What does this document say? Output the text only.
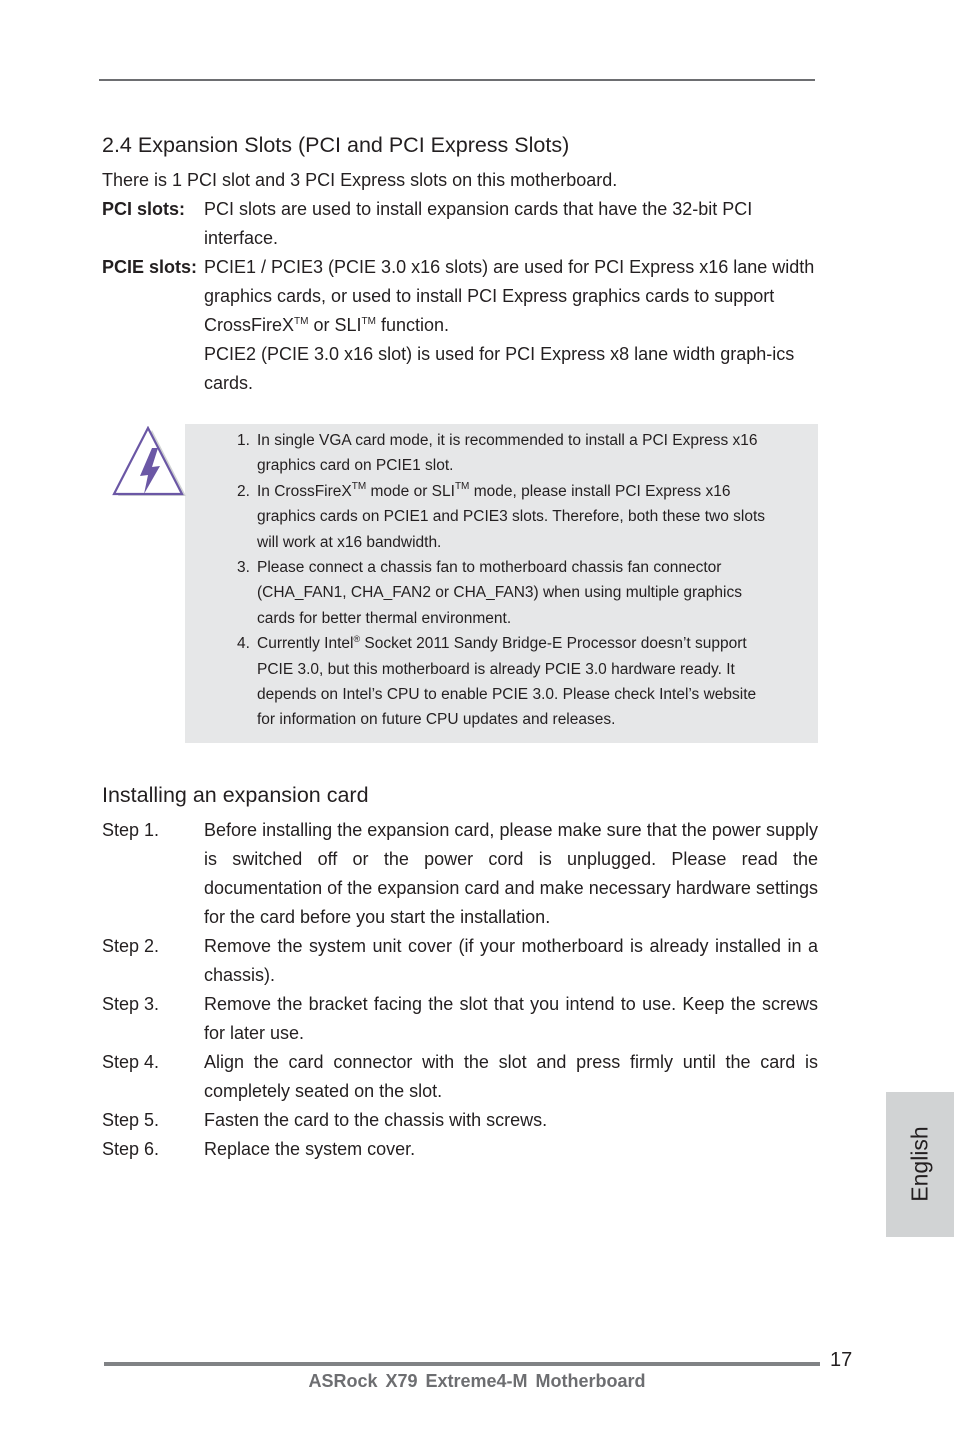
2.4 Expansion Slots (PCI and PCI Express Slots)
There is 1 PCI slot and 3 PCI Express slots on this motherboard.
PCI slots: PCI slots are used to install expansion cards that have the 32-bit PCI interface.
PCIE slots: PCIE1 / PCIE3 (PCIE 3.0 x16 slots) are used for PCI Express x16 lane width graphics cards, or used to install PCI Express graphics cards to support CrossFireX™ or SLI™ function.
PCIE2 (PCIE 3.0 x16 slot) is used for PCI Express x8 lane width graph-ics cards.
1. In single VGA card mode, it is recommended to install a PCI Express x16 graphics card on PCIE1 slot.
2. In CrossFireX™ mode or SLI™ mode, please install PCI Express x16 graphics cards on PCIE1 and PCIE3 slots. Therefore, both these two slots will work at x16 bandwidth.
3. Please connect a chassis fan to motherboard chassis fan connector (CHA_FAN1, CHA_FAN2 or CHA_FAN3) when using multiple graphics cards for better thermal environment.
4. Currently Intel® Socket 2011 Sandy Bridge-E Processor doesn’t support PCIE 3.0, but this motherboard is already PCIE 3.0 hardware ready. It depends on Intel’s CPU to enable PCIE 3.0. Please check Intel’s website for information on future CPU updates and releases.
Installing an expansion card
Step 1. Before installing the expansion card, please make sure that the power supply is switched off or the power cord is unplugged. Please read the documentation of the expansion card and make necessary hardware settings for the card before you start the installation.
Step 2. Remove the system unit cover (if your motherboard is already installed in a chassis).
Step 3. Remove the bracket facing the slot that you intend to use. Keep the screws for later use.
Step 4. Align the card connector with the slot and press firmly until the card is completely seated on the slot.
Step 5. Fasten the card to the chassis with screws.
Step 6. Replace the system cover.	English
17
ASRock X79 Extreme4-M Motherboard
